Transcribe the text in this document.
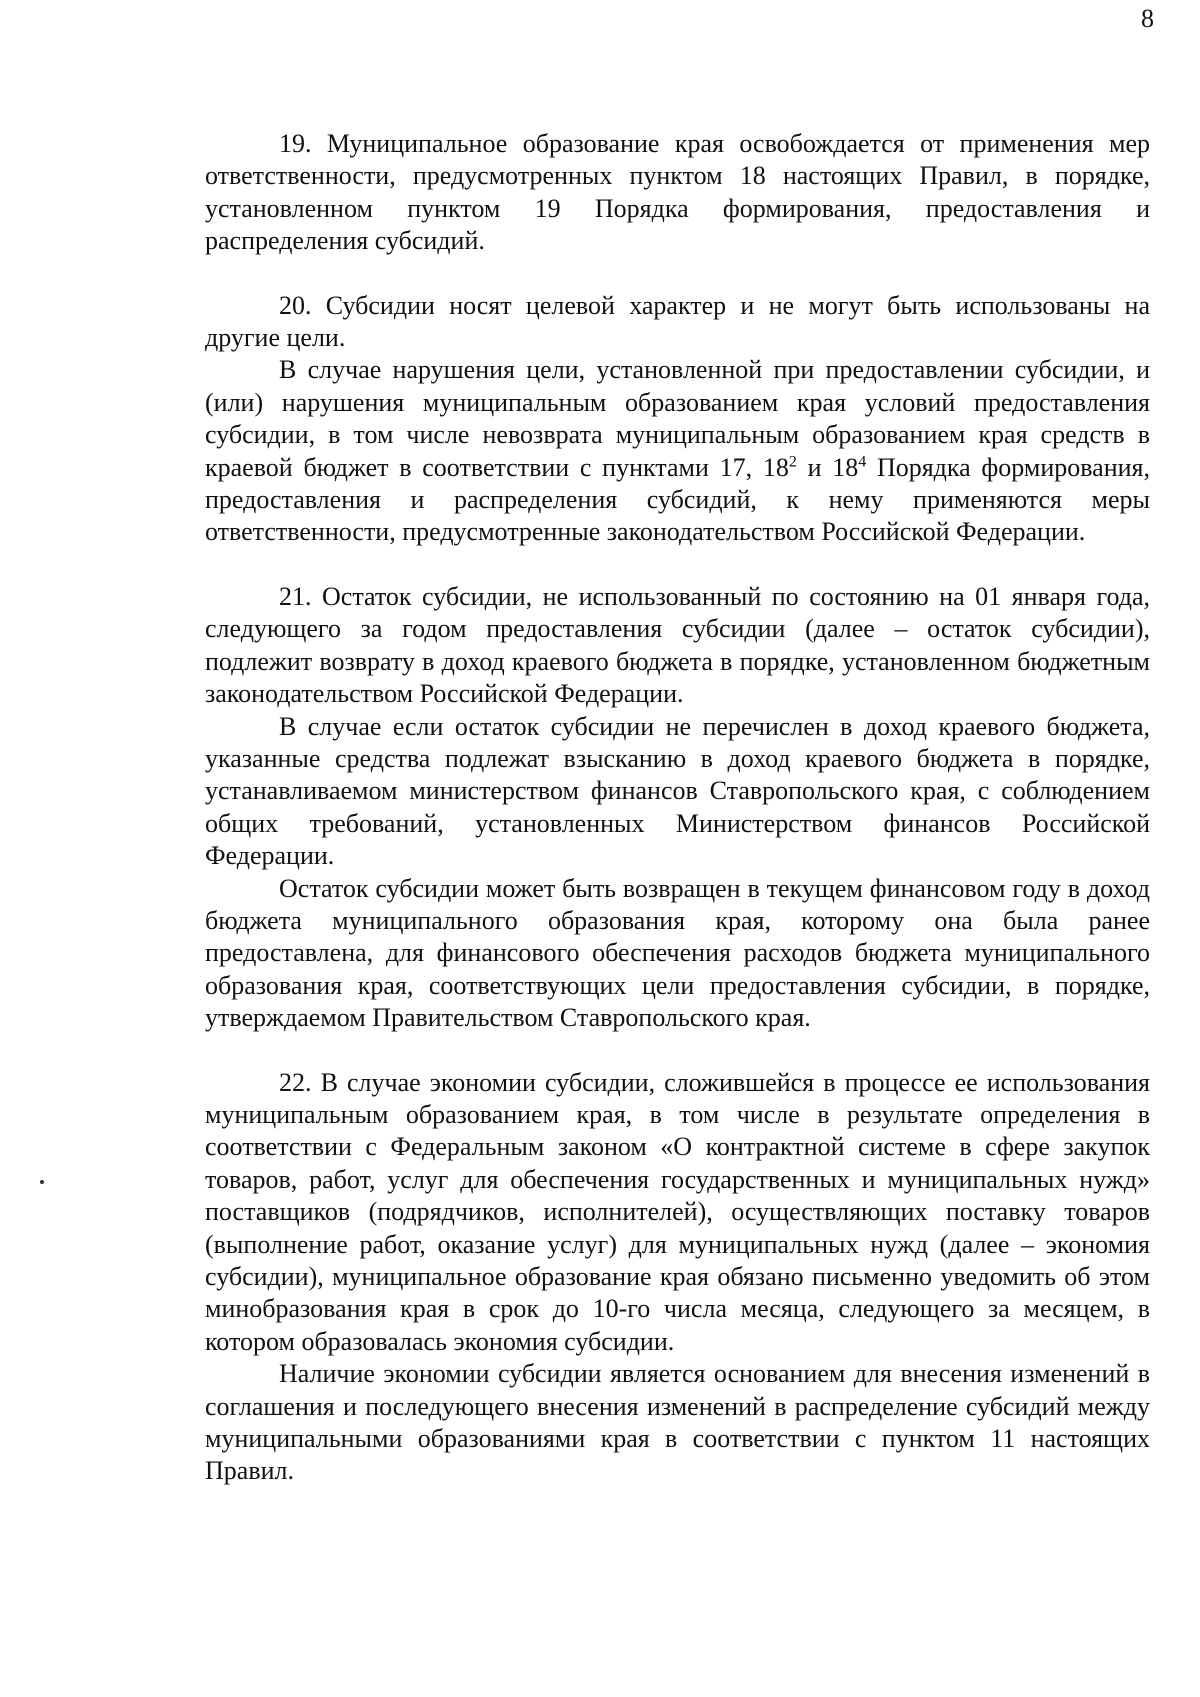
8

19. Муниципальное образование края освобождается от применения мер ответственности, предусмотренных пунктом 18 настоящих Правил, в порядке, установленном пунктом 19 Порядка формирования, предоставления и распределения субсидий.

20. Субсидии носят целевой характер и не могут быть использованы на другие цели.

В случае нарушения цели, установленной при предоставлении субсидии, и (или) нарушения муниципальным образованием края условий предоставления субсидии, в том числе невозврата муниципальным образованием края средств в краевой бюджет в соответствии с пунктами 17, $18^2$ и $18^4$ Порядка формирования, предоставления и распределения субсидий, к нему применяются меры ответственности, предусмотренные законодательством Российской Федерации.

21. Остаток субсидии, не использованный по состоянию на 01 января года, следующего за годом предоставления субсидии (далее – остаток субсидии), подлежит возврату в доход краевого бюджета в порядке, установленном бюджетным законодательством Российской Федерации.

В случае если остаток субсидии не перечислен в доход краевого бюджета, указанные средства подлежат взысканию в доход краевого бюджета в порядке, устанавливаемом министерством финансов Ставропольского края, с соблюдением общих требований, установленных Министерством финансов Российской Федерации.

Остаток субсидии может быть возвращен в текущем финансовом году в доход бюджета муниципального образования края, которому она была ранее предоставлена, для финансового обеспечения расходов бюджета муниципального образования края, соответствующих цели предоставления субсидии, в порядке, утверждаемом Правительством Ставропольского края.

22. В случае экономии субсидии, сложившейся в процессе ее использования муниципальным образованием края, в том числе в результате определения в соответствии с Федеральным законом «О контрактной системе в сфере закупок товаров, работ, услуг для обеспечения государственных и муниципальных нужд» поставщиков (подрядчиков, исполнителей), осуществляющих поставку товаров (выполнение работ, оказание услуг) для муниципальных нужд (далее – экономия субсидии), муниципальное образование края обязано письменно уведомить об этом минобразования края в срок до 10-го числа месяца, следующего за месяцем, в котором образовалась экономия субсидии.

Наличие экономии субсидии является основанием для внесения изменений в соглашения и последующего внесения изменений в распределение субсидий между муниципальными образованиями края в соответствии с пунктом 11 настоящих Правил.
